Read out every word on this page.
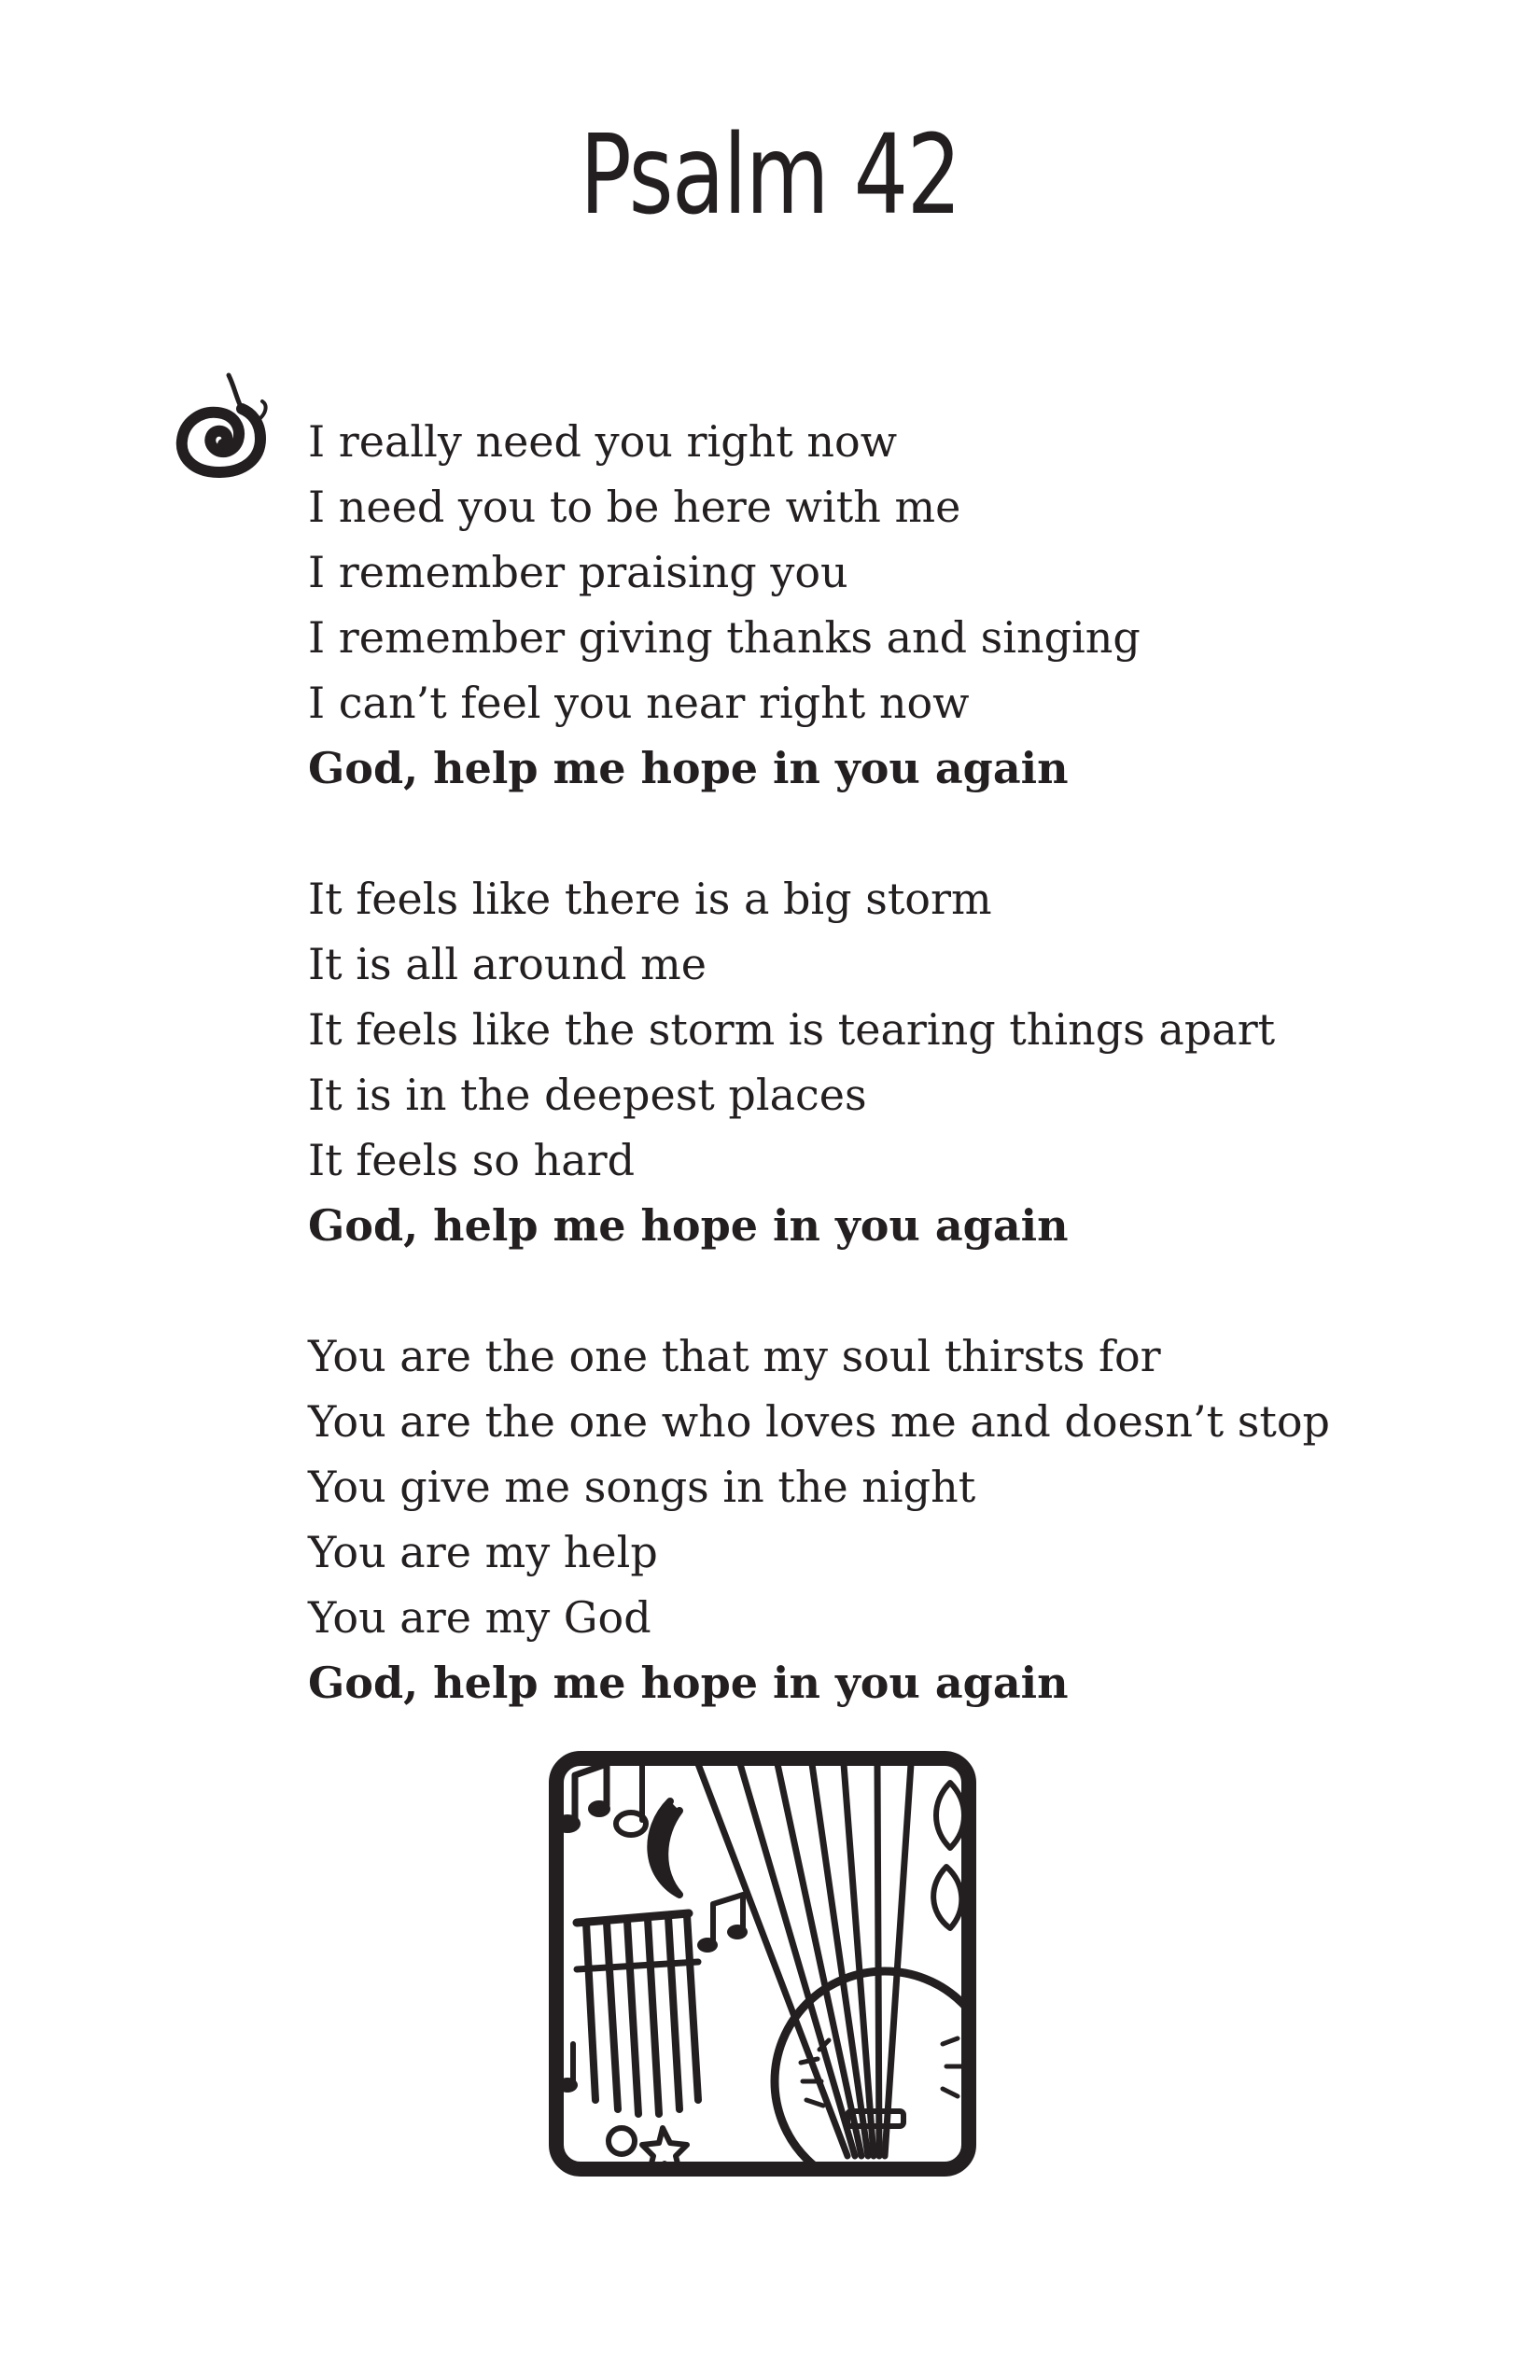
Psalm 42
I really need you right now
I need you to be here with me
I remember praising you
I remember giving thanks and singing
I can’t feel you near right now
God, help me hope in you again
It feels like there is a big storm
It is all around me
It feels like the storm is tearing things apart
It is in the deepest places
It feels so hard
God, help me hope in you again
You are the one that my soul thirsts for
You are the one who loves me and doesn’t stop
You give me songs in the night
You are my help
You are my God
God, help me hope in you again
